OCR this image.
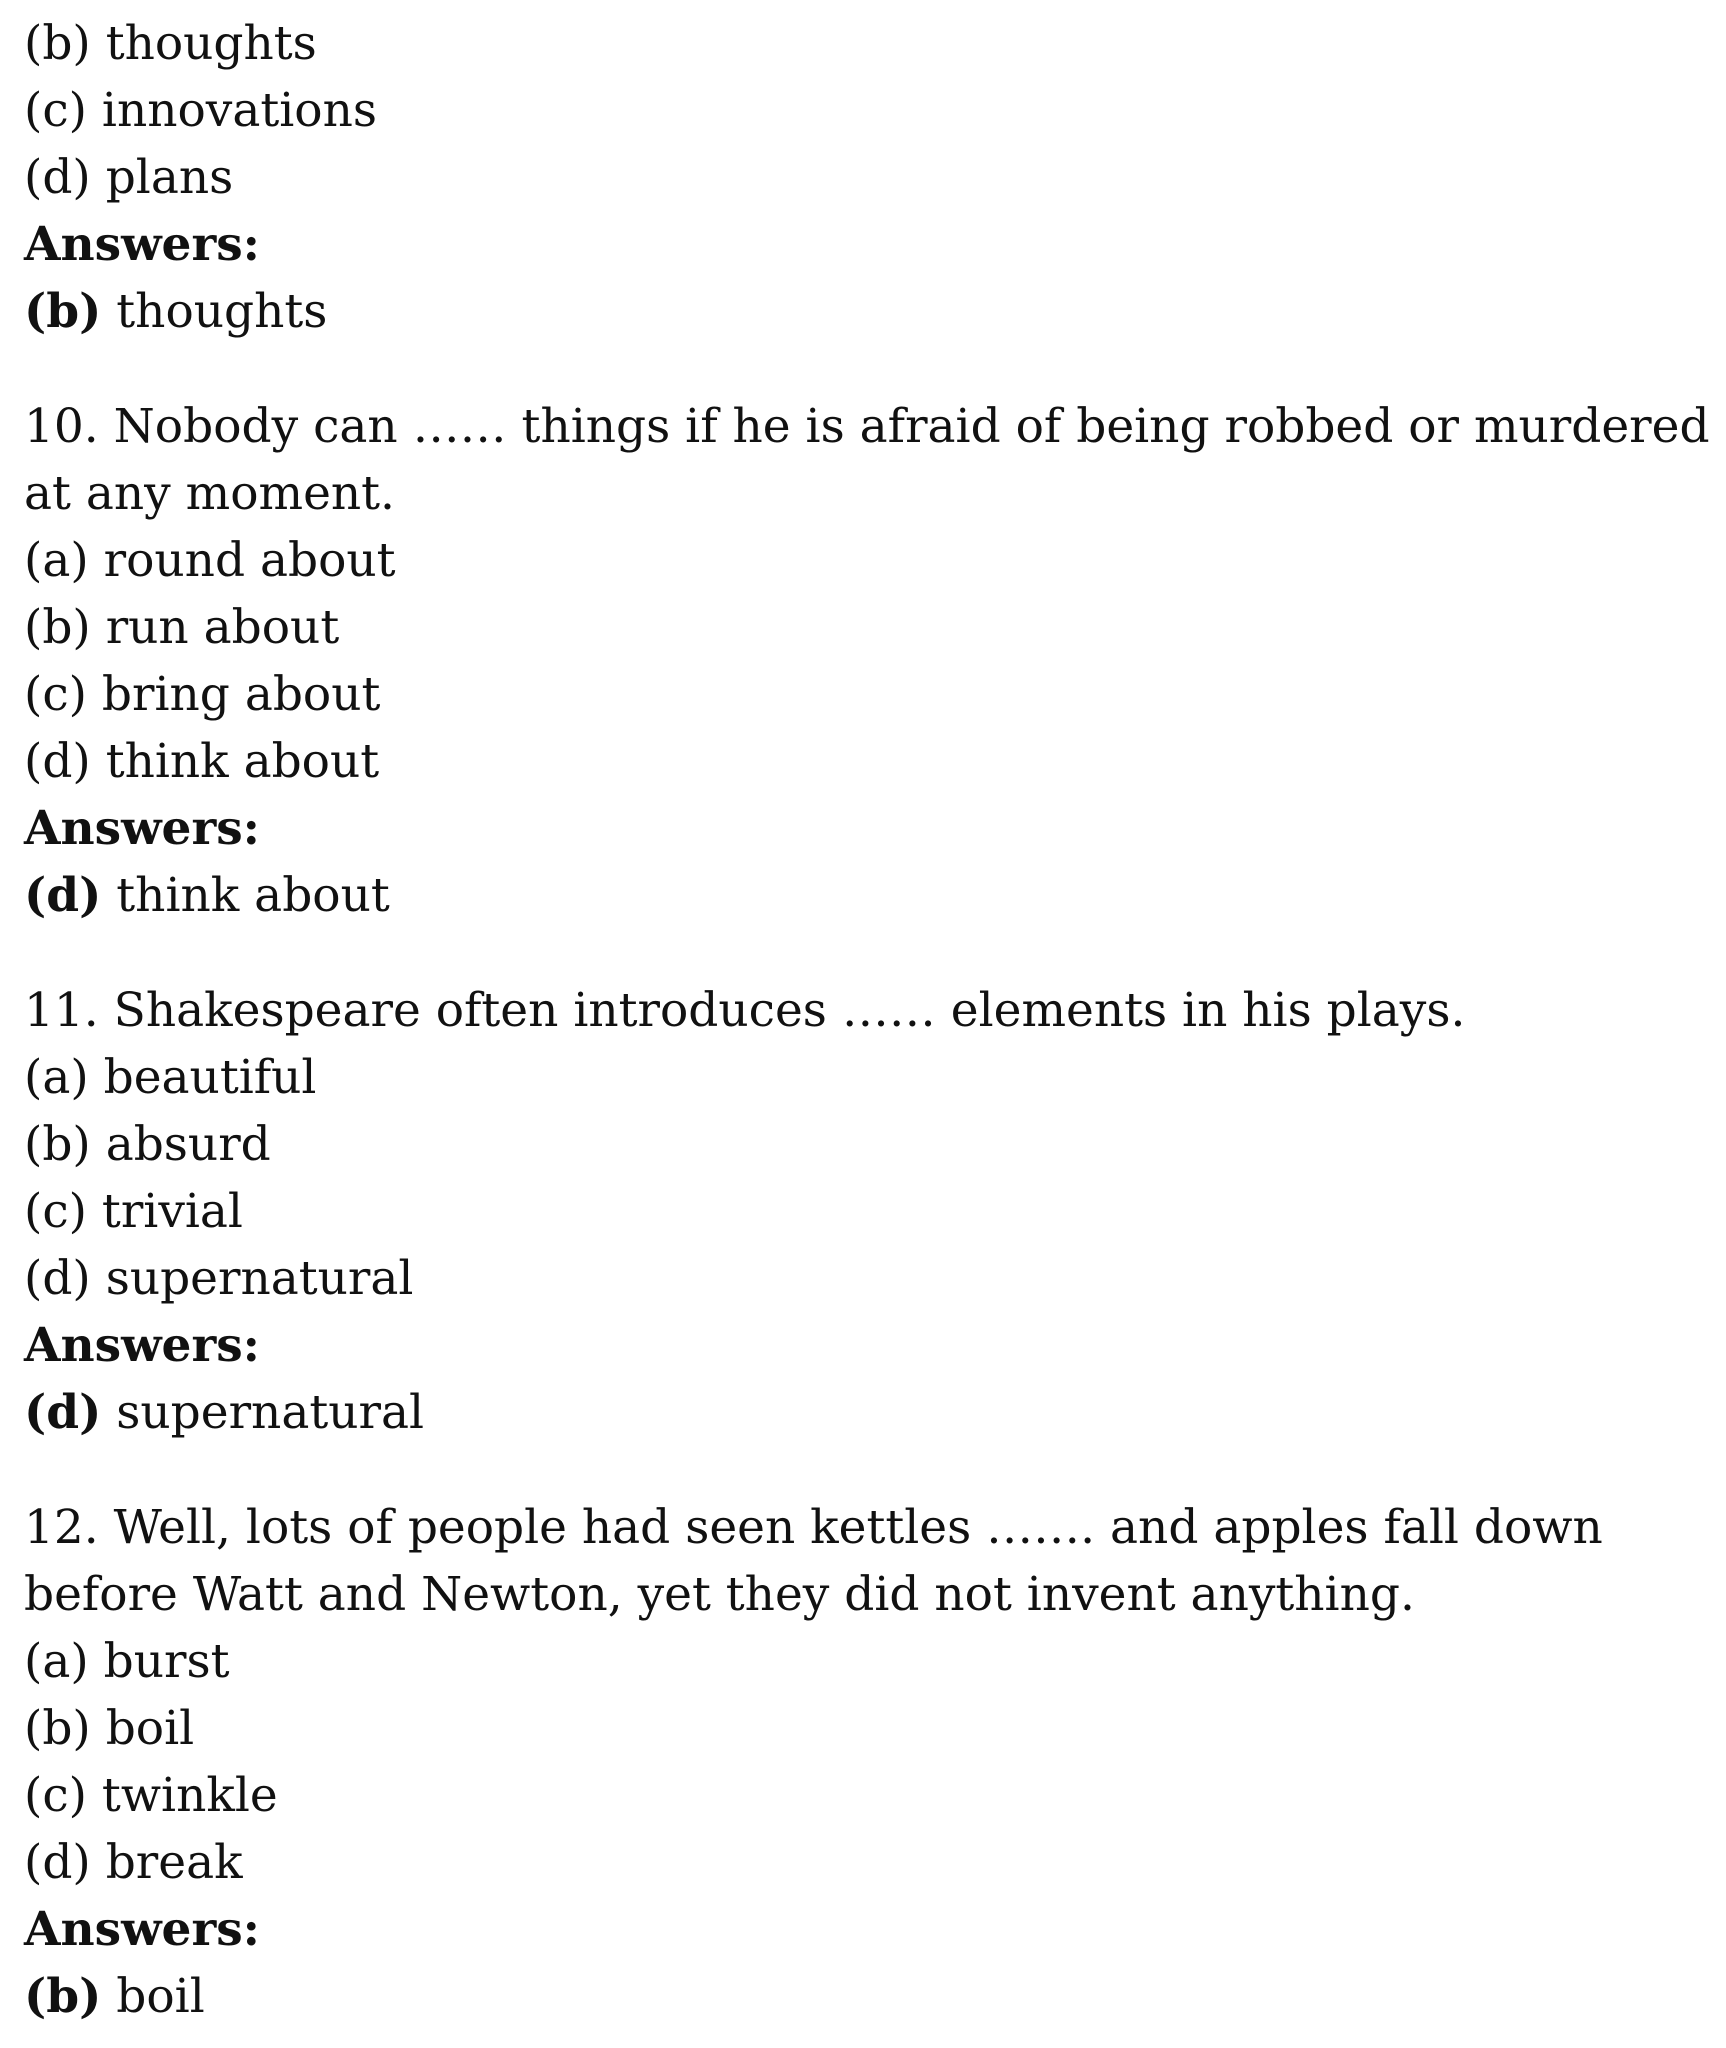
(b) thoughts
(c) innovations
(d) plans
Answers:
(b) thoughts
10. Nobody can …… things if he is afraid of being robbed or murdered
at any moment.
(a) round about
(b) run about
(c) bring about
(d) think about
Answers:
(d) think about
11. Shakespeare often introduces …… elements in his plays.
(a) beautiful
(b) absurd
(c) trivial
(d) supernatural
Answers:
(d) supernatural
12. Well, lots of people had seen kettles ……. and apples fall down
before Watt and Newton, yet they did not invent anything.
(a) burst
(b) boil
(c) twinkle
(d) break
Answers:
(b) boil
